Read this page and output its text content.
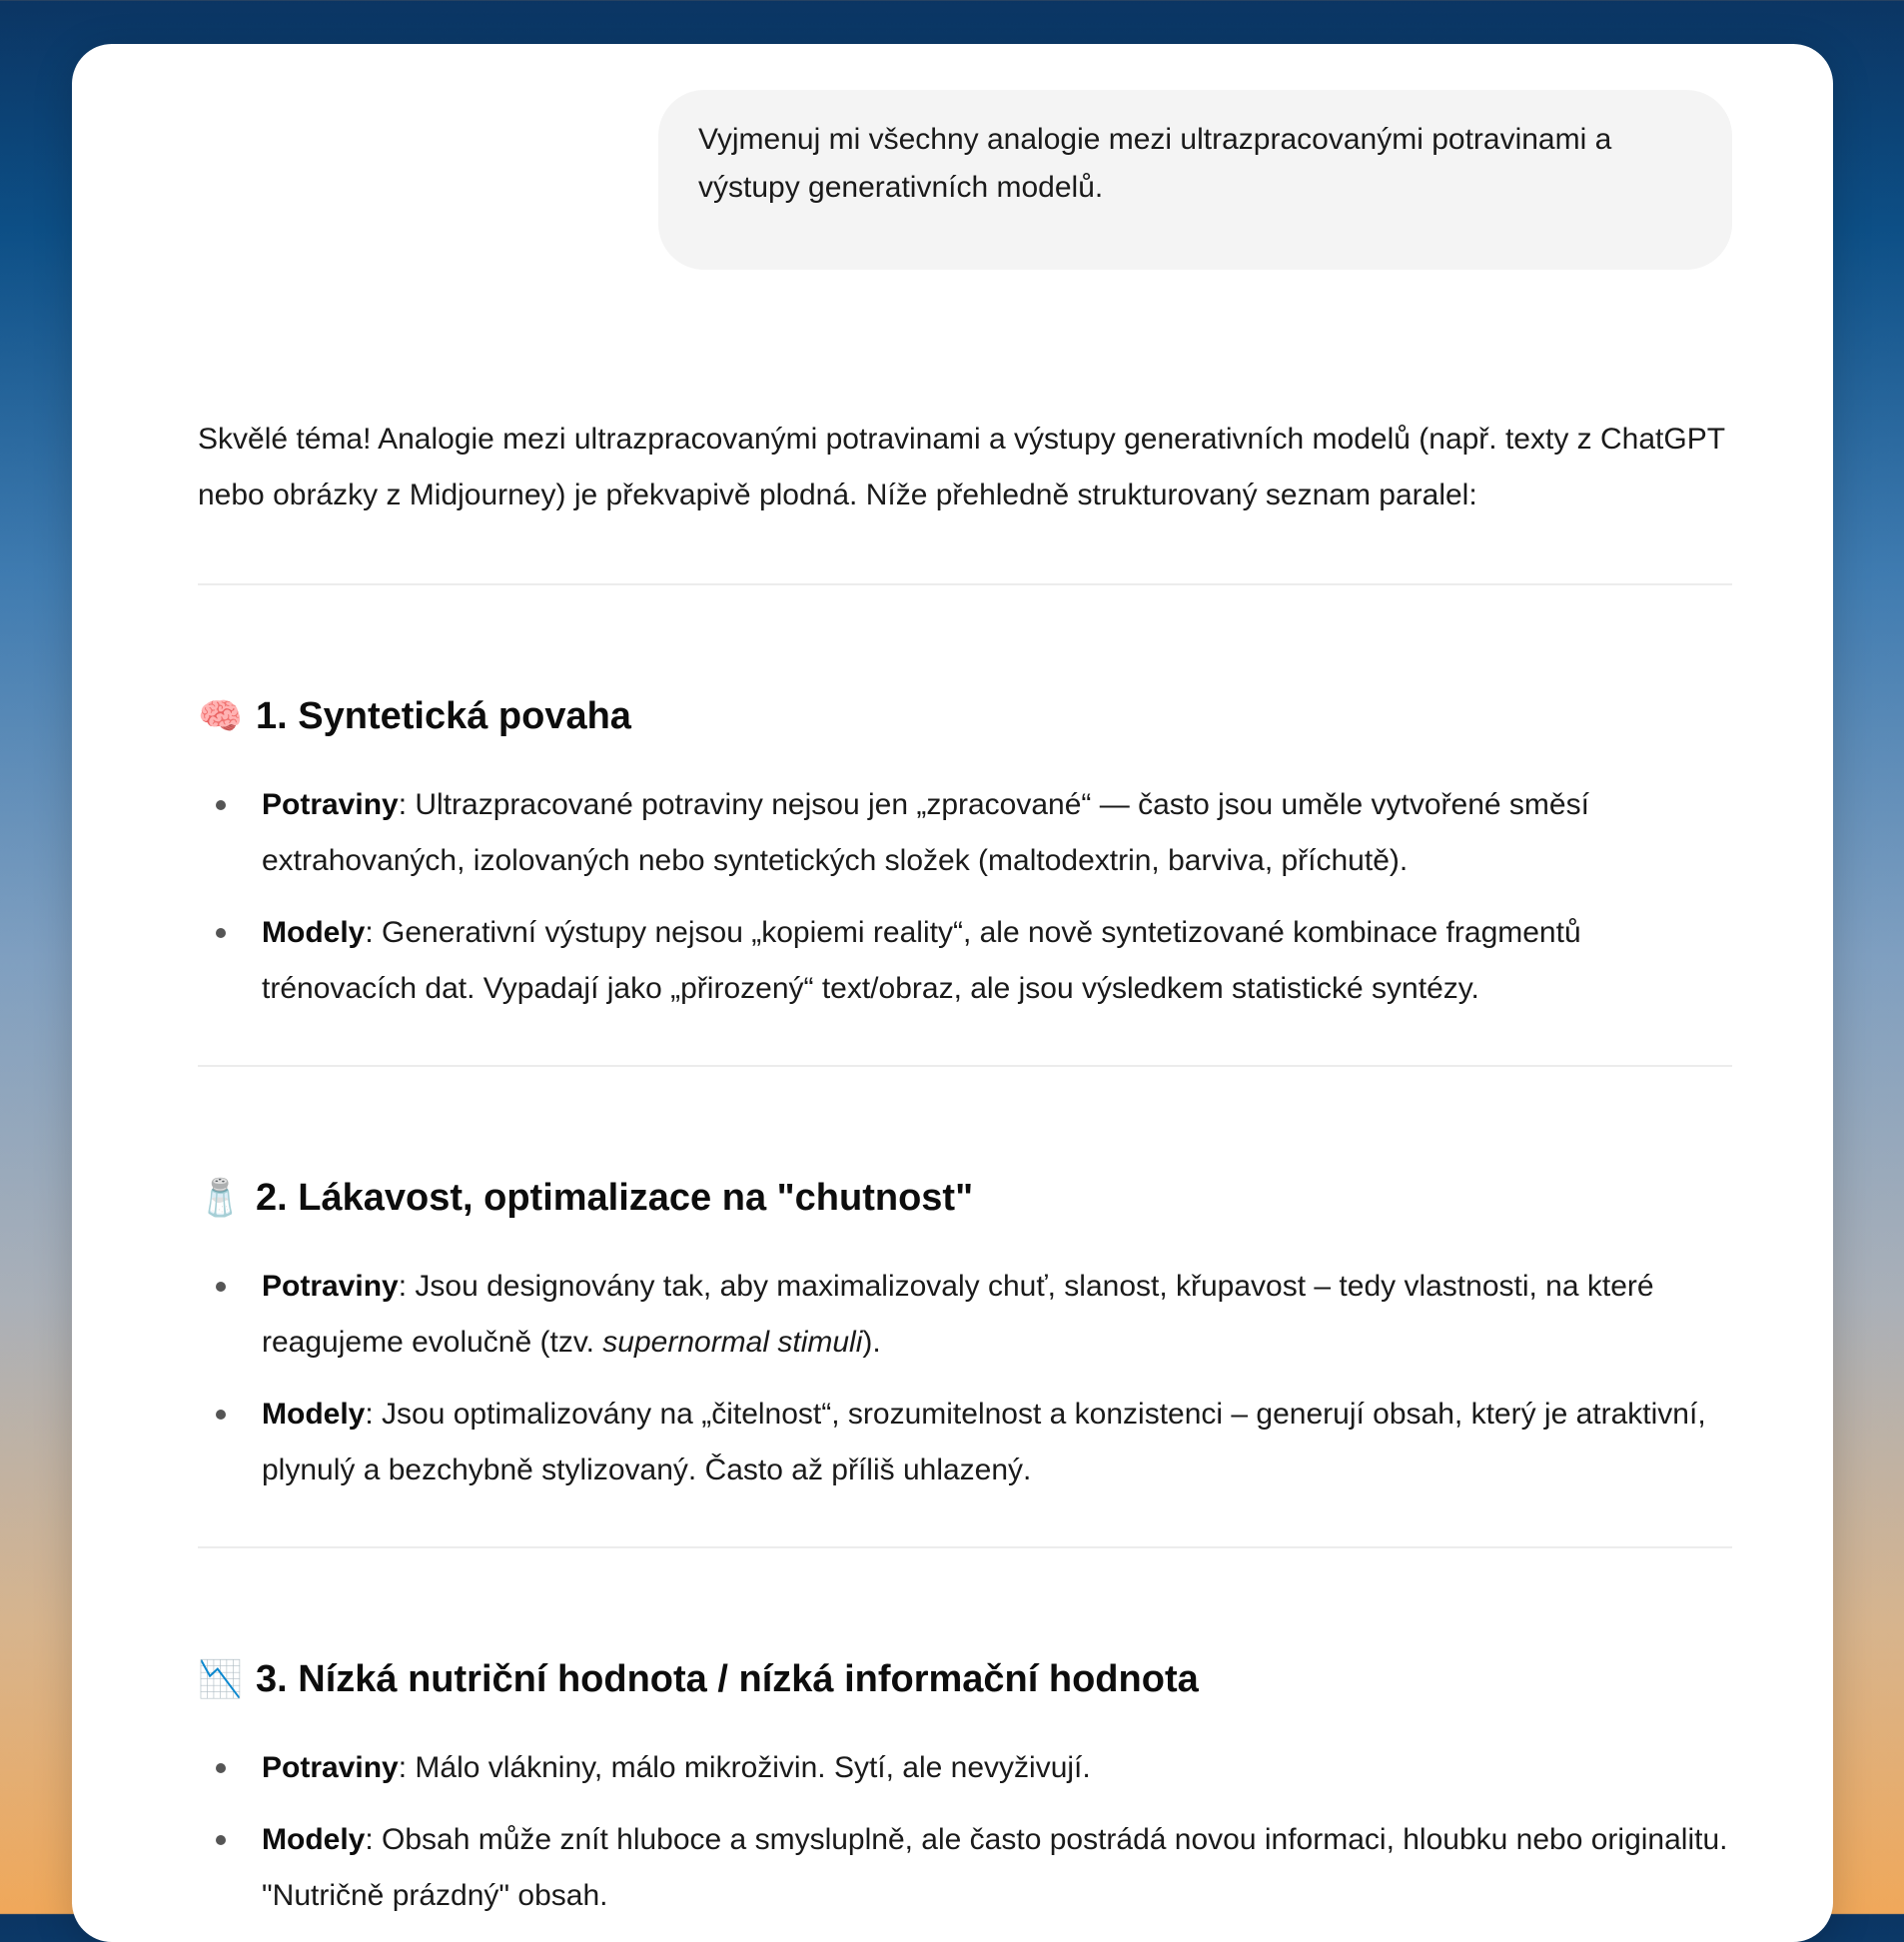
Vyjmenuj mi všechny analogie mezi ultrazpracovanými potravinami a výstupy generativních modelů.

Skvělé téma! Analogie mezi ultrazpracovanými potravinami a výstupy generativních modelů (např. texty z ChatGPT nebo obrázky z Midjourney) je překvapivě plodná. Níže přehledně strukturovaný seznam paralel:

🧠 1. Syntetická povaha
Potraviny: Ultrazpracované potraviny nejsou jen „zpracované“ — často jsou uměle vytvořené směsí extrahovaných, izolovaných nebo syntetických složek (maltodextrin, barviva, příchutě).
Modely: Generativní výstupy nejsou „kopiemi reality“, ale nově syntetizované kombinace fragmentů trénovacích dat. Vypadají jako „přirozený“ text/obraz, ale jsou výsledkem statistické syntézy.
🧂 2. Lákavost, optimalizace na "chutnost"
Potraviny: Jsou designovány tak, aby maximalizovaly chuť, slanost, křupavost – tedy vlastnosti, na které reagujeme evolučně (tzv. supernormal stimuli).
Modely: Jsou optimalizovány na „čitelnost“, srozumitelnost a konzistenci – generují obsah, který je atraktivní, plynulý a bezchybně stylizovaný. Často až příliš uhlazený.
📉 3. Nízká nutriční hodnota / nízká informační hodnota
Potraviny: Málo vlákniny, málo mikroživin. Sytí, ale nevyživují.
Modely: Obsah může znít hluboce a smysluplně, ale často postrádá novou informaci, hloubku nebo originalitu. "Nutričně prázdný" obsah.
